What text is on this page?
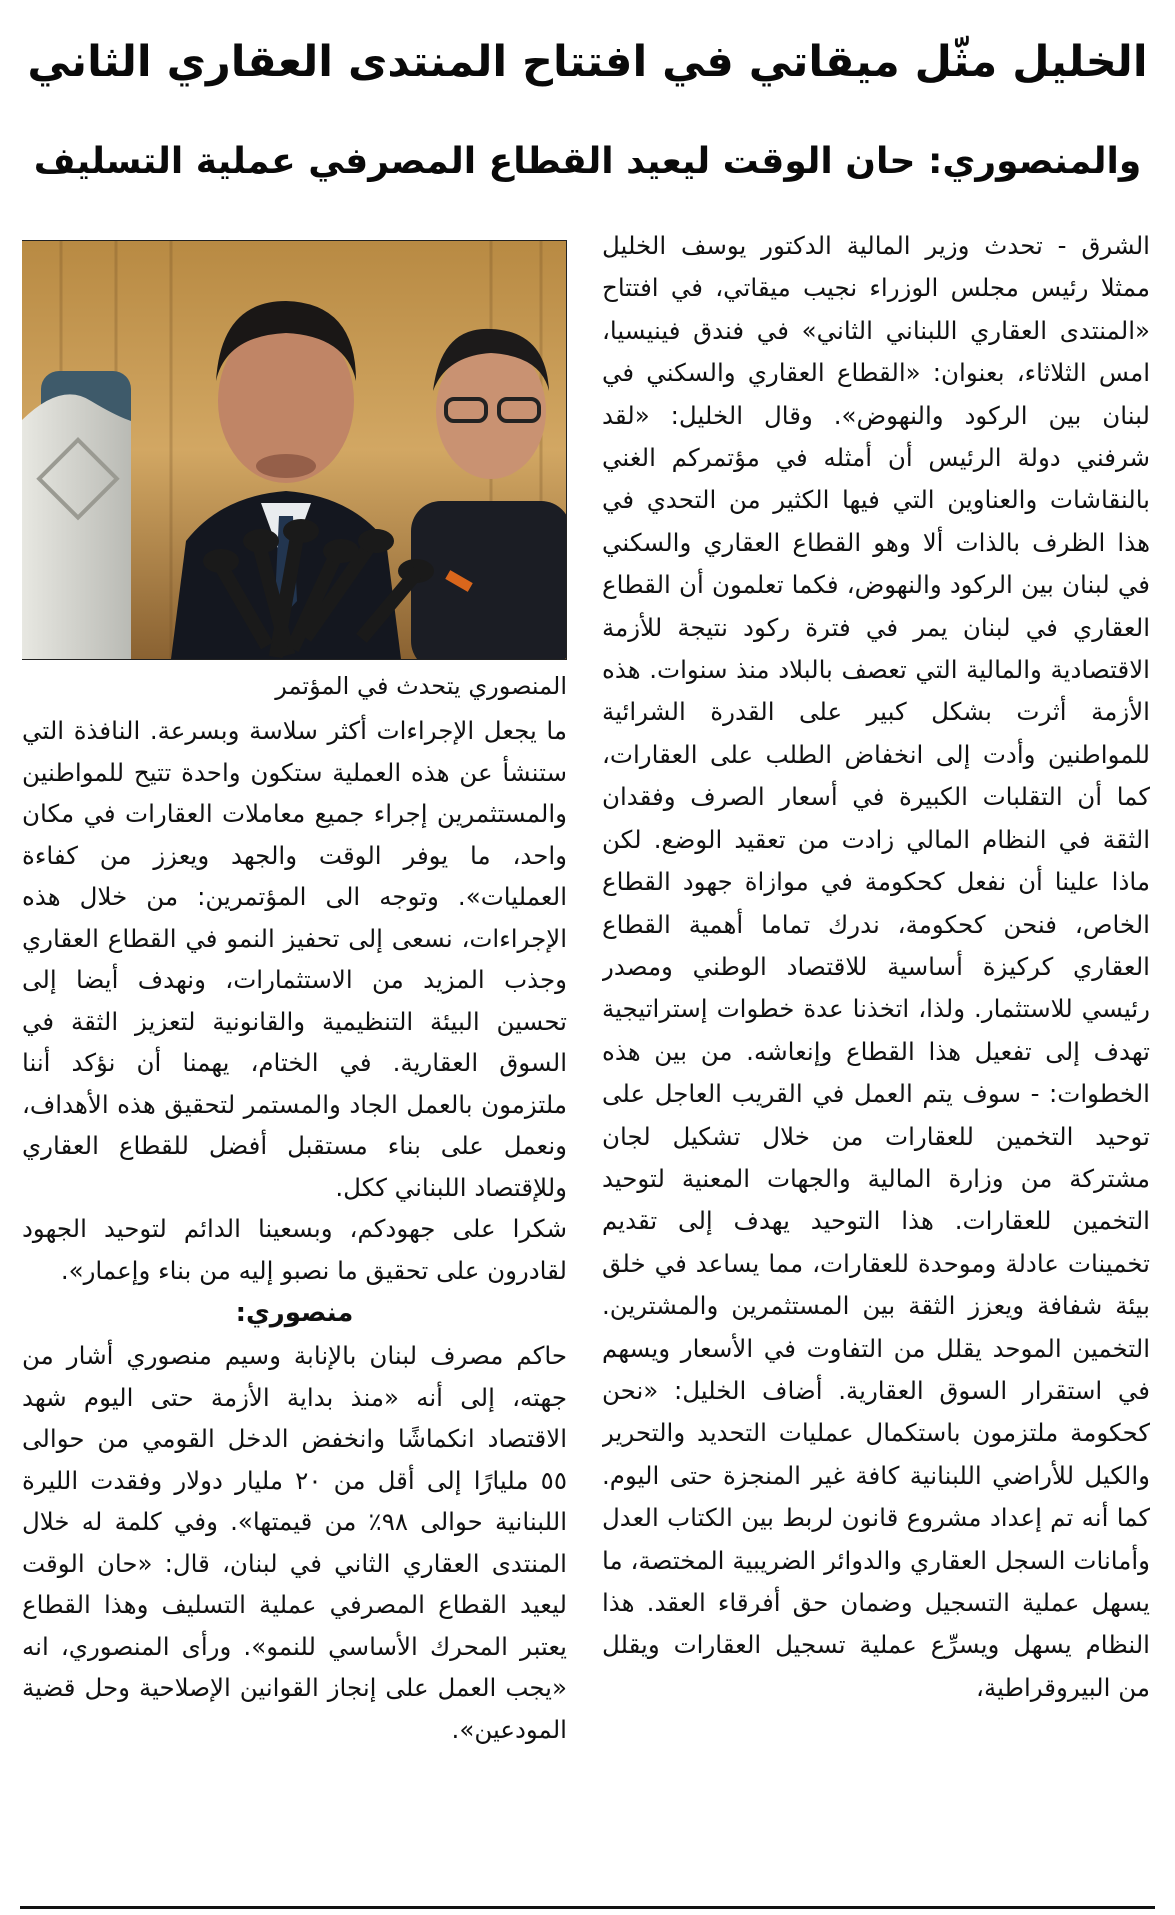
الخليل مثّل ميقاتي في افتتاح المنتدى العقاري الثاني
والمنصوري: حان الوقت ليعيد القطاع المصرفي عملية التسليف

الشرق - تحدث وزير المالية الدكتور يوسف الخليل ممثلا رئيس مجلس الوزراء نجيب ميقاتي، في افتتاح «المنتدى العقاري اللبناني الثاني» في فندق فينيسيا، امس الثلاثاء، بعنوان: «القطاع العقاري والسكني في لبنان بين الركود والنهوض». وقال الخليل: «لقد شرفني دولة الرئيس أن أمثله في مؤتمركم الغني بالنقاشات والعناوين التي فيها الكثير من التحدي في هذا الظرف بالذات ألا وهو القطاع العقاري والسكني في لبنان بين الركود والنهوض، فكما تعلمون أن القطاع العقاري في لبنان يمر في فترة ركود نتيجة للأزمة الاقتصادية والمالية التي تعصف بالبلاد منذ سنوات. هذه الأزمة أثرت بشكل كبير على القدرة الشرائية للمواطنين وأدت إلى انخفاض الطلب على العقارات، كما أن التقلبات الكبيرة في أسعار الصرف وفقدان الثقة في النظام المالي زادت من تعقيد الوضع. لكن ماذا علينا أن نفعل كحكومة في موازاة جهود القطاع الخاص، فنحن كحكومة، ندرك تماما أهمية القطاع العقاري كركيزة أساسية للاقتصاد الوطني ومصدر رئيسي للاستثمار. ولذا، اتخذنا عدة خطوات إستراتيجية تهدف إلى تفعيل هذا القطاع وإنعاشه. من بين هذه الخطوات: - سوف يتم العمل في القريب العاجل على توحيد التخمين للعقارات من خلال تشكيل لجان مشتركة من وزارة المالية والجهات المعنية لتوحيد التخمين للعقارات. هذا التوحيد يهدف إلى تقديم تخمينات عادلة وموحدة للعقارات، مما يساعد في خلق بيئة شفافة ويعزز الثقة بين المستثمرين والمشترين. التخمين الموحد يقلل من التفاوت في الأسعار ويسهم في استقرار السوق العقارية. أضاف الخليل: «نحن كحكومة ملتزمون باستكمال عمليات التحديد والتحرير والكيل للأراضي اللبنانية كافة غير المنجزة حتى اليوم. كما أنه تم إعداد مشروع قانون لربط بين الكتاب العدل وأمانات السجل العقاري والدوائر الضريبية المختصة، ما يسهل عملية التسجيل وضمان حق أفرقاء العقد. هذا النظام يسهل ويسرِّع عملية تسجيل العقارات ويقلل من البيروقراطية،

المنصوري يتحدث في المؤتمر

ما يجعل الإجراءات أكثر سلاسة وبسرعة. النافذة التي ستنشأ عن هذه العملية ستكون واحدة تتيح للمواطنين والمستثمرين إجراء جميع معاملات العقارات في مكان واحد، ما يوفر الوقت والجهد ويعزز من كفاءة العمليات». وتوجه الى المؤتمرين: من خلال هذه الإجراءات، نسعى إلى تحفيز النمو في القطاع العقاري وجذب المزيد من الاستثمارات، ونهدف أيضا إلى تحسين البيئة التنظيمية والقانونية لتعزيز الثقة في السوق العقارية. في الختام، يهمنا أن نؤكد أننا ملتزمون بالعمل الجاد والمستمر لتحقيق هذه الأهداف، ونعمل على بناء مستقبل أفضل للقطاع العقاري وللإقتصاد اللبناني ككل.

شكرا على جهودكم، وبسعينا الدائم لتوحيد الجهود لقادرون على تحقيق ما نصبو إليه من بناء وإعمار».

منصوري:

حاكم مصرف لبنان بالإنابة وسيم منصوري أشار من جهته، إلى أنه «منذ بداية الأزمة حتى اليوم شهد الاقتصاد انكماشًا وانخفض الدخل القومي من حوالى ٥٥ مليارًا إلى أقل من ٢٠ مليار دولار وفقدت الليرة اللبنانية حوالى ٩٨٪ من قيمتها». وفي كلمة له خلال المنتدى العقاري الثاني في لبنان، قال: «حان الوقت ليعيد القطاع المصرفي عملية التسليف وهذا القطاع يعتبر المحرك الأساسي للنمو». ورأى المنصوري، انه «يجب العمل على إنجاز القوانين الإصلاحية وحل قضية المودعين».
